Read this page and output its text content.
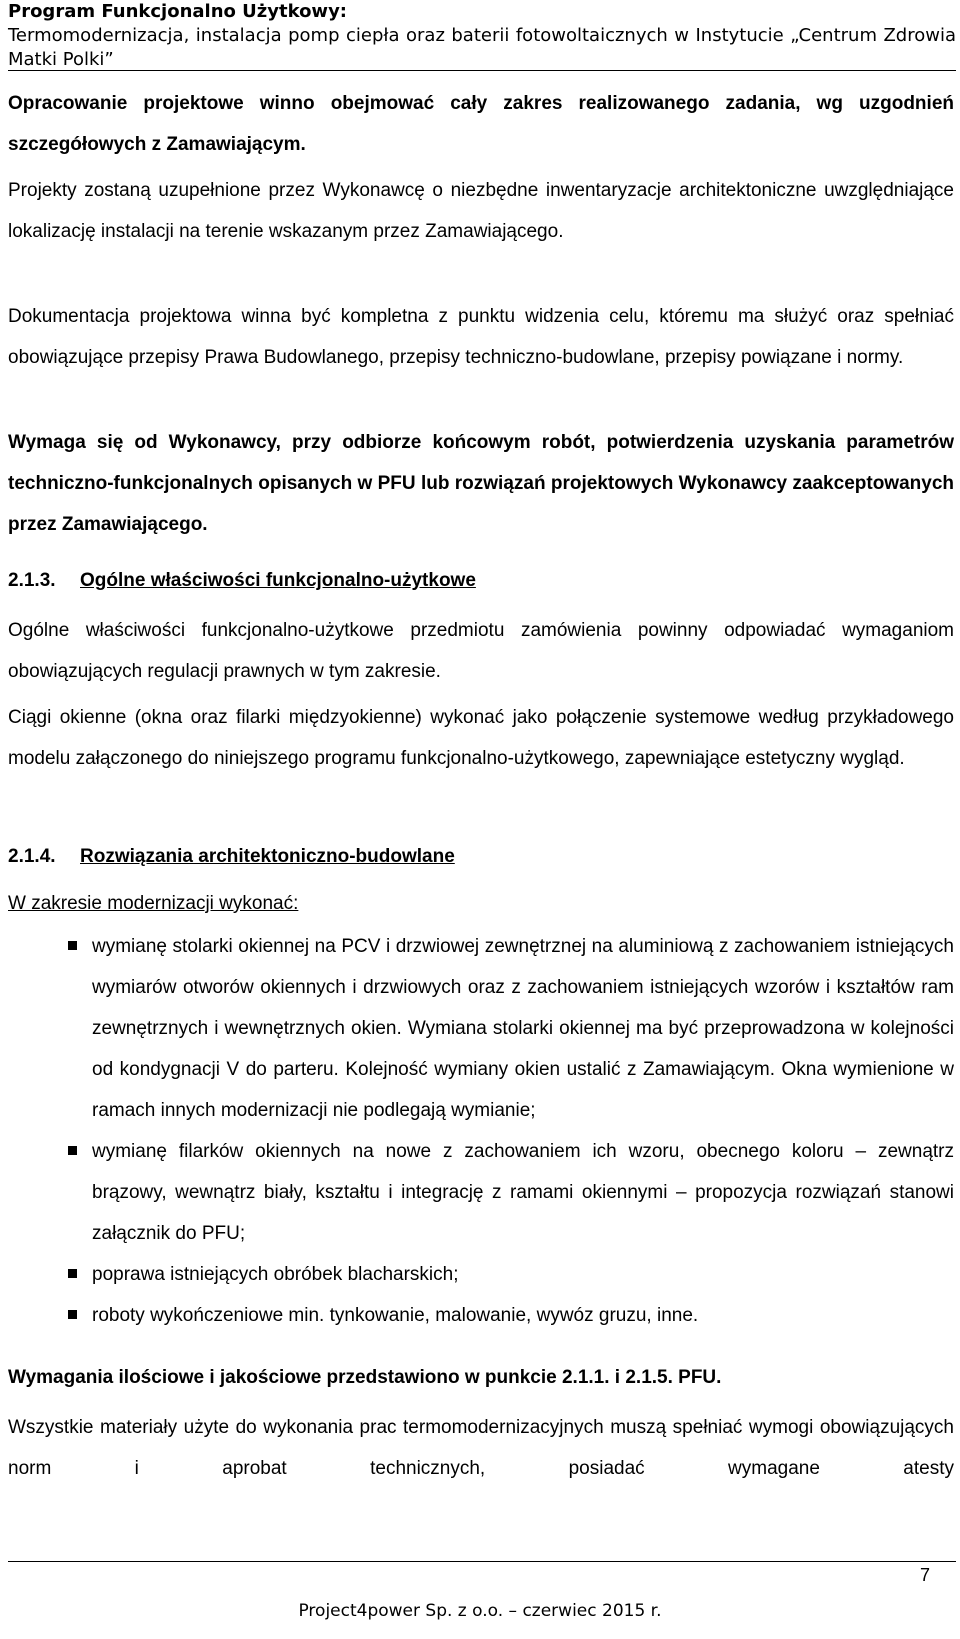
Program Funkcjonalno Użytkowy:
Termomodernizacja, instalacja pomp ciepła oraz baterii fotowoltaicznych w Instytucie „Centrum Zdrowia Matki Polki”

Opracowanie projektowe winno obejmować cały zakres realizowanego zadania, wg uzgodnień szczegółowych z Zamawiającym.

Projekty zostaną uzupełnione przez Wykonawcę o niezbędne inwentaryzacje architektoniczne uwzględniające lokalizację instalacji na terenie wskazanym przez Zamawiającego.

Dokumentacja projektowa winna być kompletna z punktu widzenia celu, któremu ma służyć oraz spełniać obowiązujące przepisy Prawa Budowlanego, przepisy techniczno-budowlane, przepisy powiązane i normy.

Wymaga się od Wykonawcy, przy odbiorze końcowym robót, potwierdzenia uzyskania parametrów techniczno-funkcjonalnych opisanych w PFU lub rozwiązań projektowych Wykonawcy zaakceptowanych przez Zamawiającego.

2.1.3. Ogólne właściwości funkcjonalno-użytkowe

Ogólne właściwości funkcjonalno-użytkowe przedmiotu zamówienia powinny odpowiadać wymaganiom obowiązujących regulacji prawnych w tym zakresie.

Ciągi okienne (okna oraz filarki międzyokienne) wykonać jako połączenie systemowe według przykładowego modelu załączonego do niniejszego programu funkcjonalno-użytkowego, zapewniające estetyczny wygląd.

2.1.4. Rozwiązania architektoniczno-budowlane

W zakresie modernizacji wykonać:

wymianę stolarki okiennej na PCV i drzwiowej zewnętrznej na aluminiową z zachowaniem istniejących wymiarów otworów okiennych i drzwiowych oraz z zachowaniem istniejących wzorów i kształtów ram zewnętrznych i wewnętrznych okien. Wymiana stolarki okiennej ma być przeprowadzona w kolejności od kondygnacji V do parteru. Kolejność wymiany okien ustalić z Zamawiającym. Okna wymienione w ramach innych modernizacji nie podlegają wymianie;
wymianę filarków okiennych na nowe z zachowaniem ich wzoru, obecnego koloru – zewnątrz brązowy, wewnątrz biały, kształtu i integrację z ramami okiennymi – propozycja rozwiązań stanowi załącznik do PFU;
poprawa istniejących obróbek blacharskich;
roboty wykończeniowe min. tynkowanie, malowanie, wywóz gruzu, inne.

Wymagania ilościowe i jakościowe przedstawiono w punkcie 2.1.1. i 2.1.5. PFU.

Wszystkie materiały użyte do wykonania prac termomodernizacyjnych muszą spełniać wymogi obowiązujących norm i aprobat technicznych, posiadać wymagane atesty

7
Project4power Sp. z o.o. – czerwiec 2015 r.
